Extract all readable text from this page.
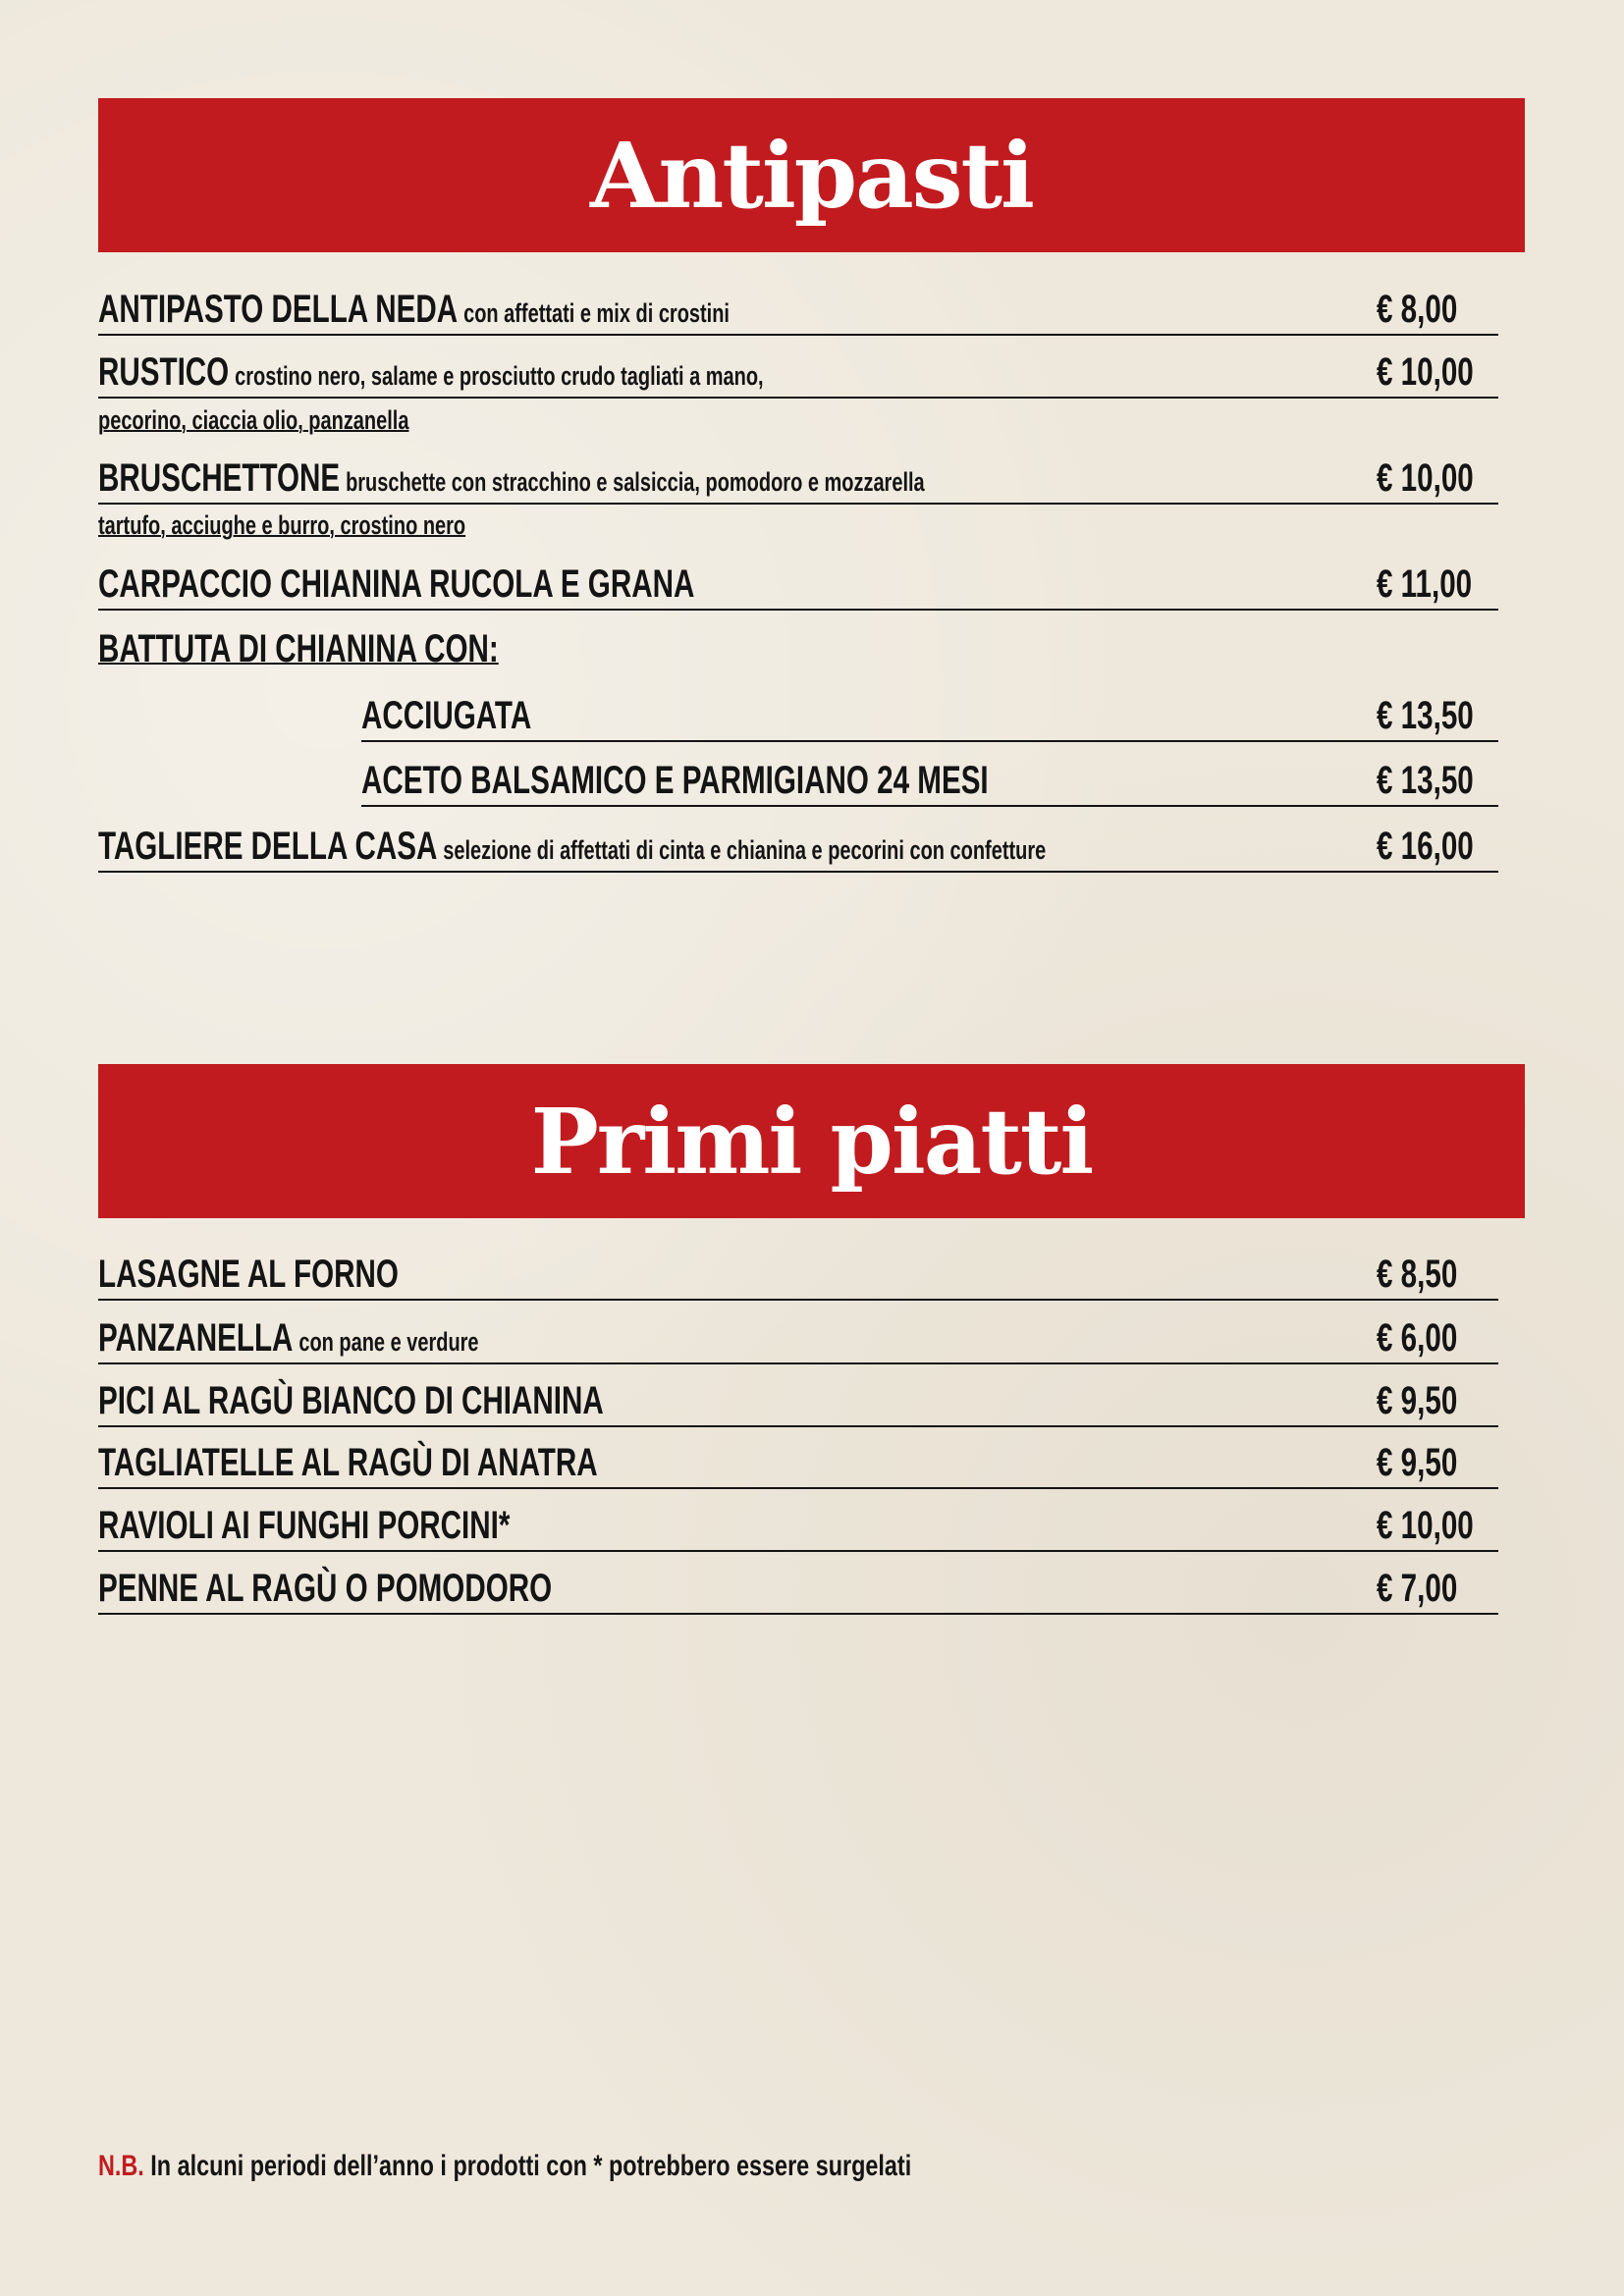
Antipasti
ANTIPASTO DELLA NEDA con affettati e mix di crostini	€ 8,00
RUSTICO crostino nero, salame e prosciutto crudo tagliati a mano,	€ 10,00
pecorino, ciaccia olio, panzanella
BRUSCHETTONE bruschette con stracchino e salsiccia, pomodoro e mozzarella	€ 10,00
tartufo, acciughe e burro, crostino nero
CARPACCIO CHIANINA RUCOLA E GRANA	€ 11,00
BATTUTA DI CHIANINA CON:
ACCIUGATA	€ 13,50
ACETO BALSAMICO E PARMIGIANO 24 MESI	€ 13,50
TAGLIERE DELLA CASA selezione di affettati di cinta e chianina e pecorini con confetture	€ 16,00
Primi piatti
LASAGNE AL FORNO	€ 8,50
PANZANELLA con pane e verdure	€ 6,00
PICI AL RAGÙ BIANCO DI CHIANINA	€ 9,50
TAGLIATELLE AL RAGÙ DI ANATRA	€ 9,50
RAVIOLI AI FUNGHI PORCINI*	€ 10,00
PENNE AL RAGÙ O POMODORO	€ 7,00
N.B. In alcuni periodi dell’anno i prodotti con * potrebbero essere surgelati
